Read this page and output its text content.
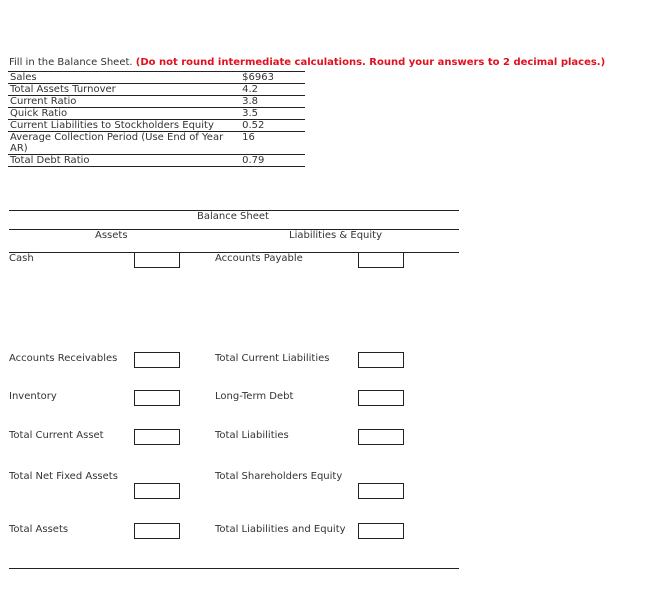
Fill in the Balance Sheet. (Do not round intermediate calculations. Round your answers to 2 decimal places.)
Sales	$6963
Total Assets Turnover	4.2
Current Ratio	3.8
Quick Ratio	3.5
Current Liabilities to Stockholders Equity	0.52
Average Collection Period (Use End of Year AR)	16
Total Debt Ratio	0.79
Balance Sheet
Assets	Liabilities & Equity
Cash	Accounts Payable
Accounts Receivables	Total Current Liabilities
Inventory	Long-Term Debt
Total Current Asset	Total Liabilities
Total Net Fixed Assets	Total Shareholders Equity
Total Assets	Total Liabilities and Equity
